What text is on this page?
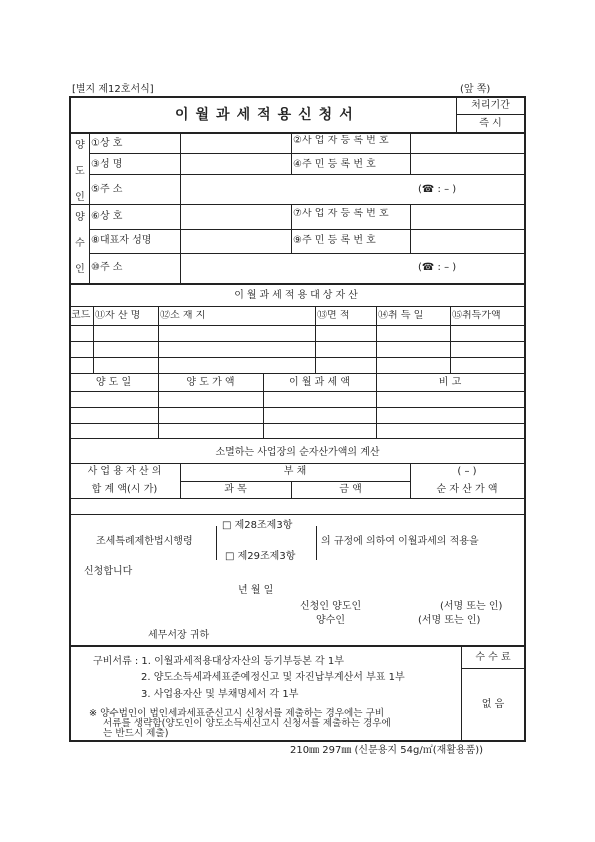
[별지 제12호서식]	(앞 쪽)
이월과세적용신청서
처리기간
즉 시
양도인
①상 호	②사 업 자 등 록 번 호
③성 명	④주 민 등 록 번 호
⑤주 소	(☎ : – )
양수인
⑥상 호	⑦사 업 자 등 록 번 호
⑧대표자 성명	⑨주 민 등 록 번 호
⑩주 소	(☎ : – )
이월과세적용대상자산
코드 ⑪자 산 명	⑫소 재 지	⑬면 적	⑭취 득 일	⑮취득가액
양 도 일	양 도 가 액	이 월 과 세 액	비 고
소멸하는 사업장의 순자산가액의 계산
사 업 용 자 산 의
합 계 액(시 가)
부 채	( – )
과 목	금 액	순 자 산 가 액
□ 제28조제3항
□ 제29조제3항
조세특례제한법시행령	의 규정에 의하여 이월과세의 적용을
신청합니다
년 월 일
신청인 양도인	(서명 또는 인)
양수인	(서명 또는 인)
세무서장 귀하
수 수 료
없 음
구비서류 : 1. 이월과세적용대상자산의 등기부등본 각 1부
2. 양도소득세과세표준예정신고 및 자진납부계산서 부표 1부
3. 사업용자산 및 부채명세서 각 1부
※ 양수법인이 법인세과세표준신고시 신청서를 제출하는 경우에는 구비
서류를 생략함(양도인이 양도소득세신고시 신청서를 제출하는 경우에
는 반드시 제출)
210㎜ 297㎜ (신문용지 54g/㎡(재활용품))
